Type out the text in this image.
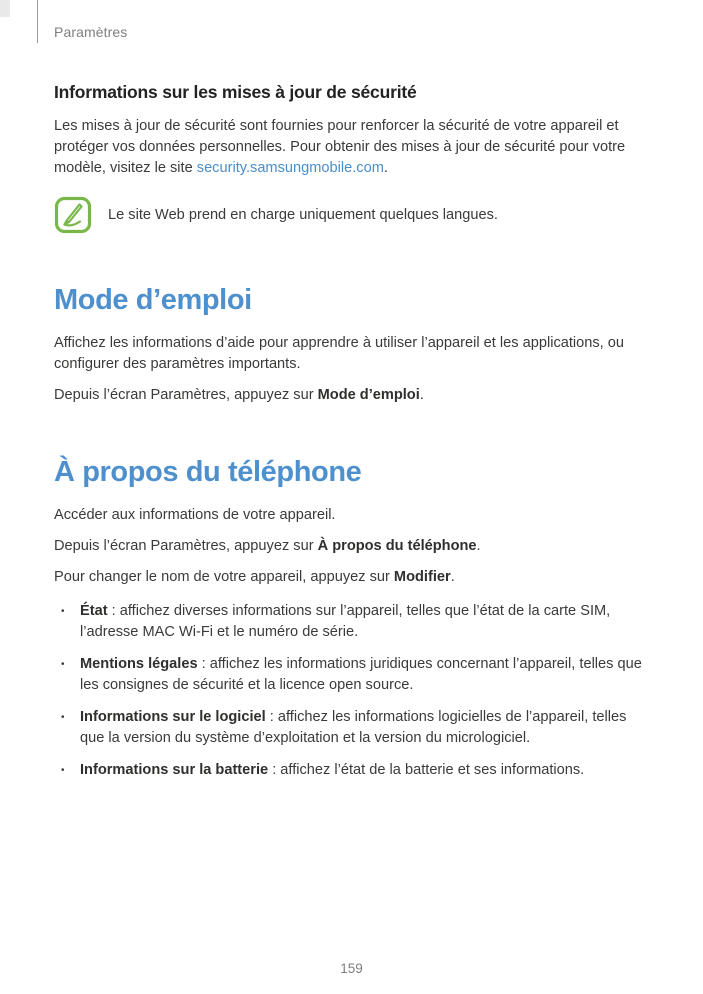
Paramètres
Informations sur les mises à jour de sécurité

Les mises à jour de sécurité sont fournies pour renforcer la sécurité de votre appareil et protéger vos données personnelles. Pour obtenir des mises à jour de sécurité pour votre modèle, visitez le site security.samsungmobile.com.

Le site Web prend en charge uniquement quelques langues.
Mode d’emploi

Affichez les informations d’aide pour apprendre à utiliser l’appareil et les applications, ou configurer des paramètres importants.

Depuis l’écran Paramètres, appuyez sur Mode d’emploi.

À propos du téléphone

Accéder aux informations de votre appareil.

Depuis l’écran Paramètres, appuyez sur À propos du téléphone.

Pour changer le nom de votre appareil, appuyez sur Modifier.

• État : affichez diverses informations sur l’appareil, telles que l’état de la carte SIM, l’adresse MAC Wi-Fi et le numéro de série.
• Mentions légales : affichez les informations juridiques concernant l’appareil, telles que les consignes de sécurité et la licence open source.
• Informations sur le logiciel : affichez les informations logicielles de l’appareil, telles que la version du système d’exploitation et la version du micrologiciel.
• Informations sur la batterie : affichez l’état de la batterie et ses informations.
159
